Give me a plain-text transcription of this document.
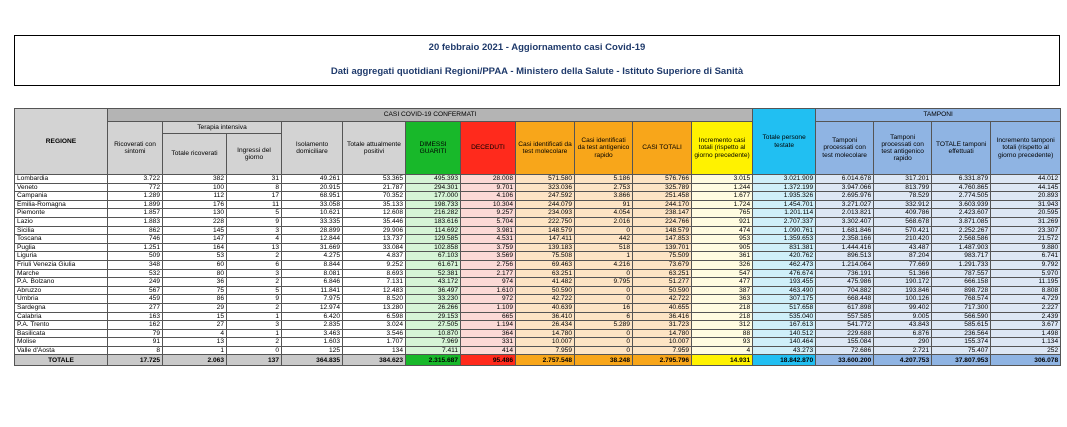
20 febbraio 2021 - Aggiornamento casi Covid-19
Dati aggregati quotidiani Regioni/PPAA - Ministero della Salute - Istituto Superiore di Sanità
REGIONE	CASI COVID-19 CONFERMATI											Totale persone testate	TAMPONI			
	Ricoverati con sintomi	Terapia intensiva		Isolamento domiciliare	Totale attualmente positivi	DIMESSI GUARITI	DECEDUTI	Casi identificati da test molecolare	Casi identificati da test antigenico rapido	CASI TOTALI	Incremento casi totali (rispetto al giorno precedente)		Tamponi processati con test molecolare	Tamponi processati con test antigenico rapido	TOTALE tamponi effettuati	Incremento tamponi totali (rispetto al giorno precedente)
		Totale ricoverati	Ingressi del giorno													
Lombardia	3.722	382	31	49.261	53.365	495.393	28.008	571.580	5.186	576.766	3.015	3.021.909	6.014.678	317.201	6.331.879	44.012
Veneto	772	100	8	20.915	21.787	294.301	9.701	323.036	2.753	325.789	1.244	1.372.199	3.947.066	813.799	4.760.865	44.145
Campania	1.289	112	17	68.951	70.352	177.000	4.106	247.592	3.866	251.458	1.677	1.935.326	2.695.976	78.529	2.774.505	20.893
Emilia-Romagna	1.899	176	11	33.058	35.133	198.733	10.304	244.079	91	244.170	1.724	1.454.701	3.271.027	332.912	3.603.939	31.943
Piemonte	1.857	130	5	10.621	12.608	216.282	9.257	234.093	4.054	238.147	765	1.201.114	2.013.821	409.786	2.423.607	20.595
Lazio	1.883	228	9	33.335	35.446	183.616	5.704	222.750	2.016	224.766	921	2.707.337	3.302.407	568.678	3.871.085	31.269
Sicilia	862	145	3	28.899	29.906	114.692	3.981	148.579	0	148.579	474	1.090.761	1.681.846	570.421	2.252.267	23.307
Toscana	746	147	4	12.844	13.737	129.585	4.531	147.411	442	147.853	953	1.359.653	2.358.166	210.420	2.568.586	21.572
Puglia	1.251	164	13	31.669	33.084	102.858	3.759	139.183	518	139.701	905	831.381	1.444.416	43.487	1.487.903	9.880
Liguria	509	53	2	4.275	4.837	67.103	3.569	75.508	1	75.509	361	420.762	896.513	87.204	983.717	6.741
Friuli Venezia Giulia	348	60	6	8.844	9.252	61.671	2.756	69.463	4.216	73.679	326	462.473	1.214.064	77.669	1.291.733	9.792
Marche	532	80	3	8.081	8.693	52.381	2.177	63.251	0	63.251	547	476.674	736.191	51.366	787.557	5.970
P.A. Bolzano	249	36	2	6.846	7.131	43.172	974	41.482	9.795	51.277	477	193.455	475.986	190.172	666.158	11.195
Abruzzo	567	75	5	11.841	12.483	36.497	1.610	50.590	0	50.590	387	463.490	704.882	193.846	898.728	8.808
Umbria	459	86	9	7.975	8.520	33.230	972	42.722	0	42.722	363	307.175	668.448	100.126	768.574	4.729
Sardegna	277	29	2	12.974	13.280	26.266	1.109	40.639	16	40.655	218	517.658	617.898	99.402	717.300	2.227
Calabria	163	15	1	6.420	6.598	29.153	665	36.410	6	36.416	218	535.040	557.585	9.005	566.590	2.439
P.A. Trento	162	27	3	2.835	3.024	27.505	1.194	26.434	5.289	31.723	312	167.613	541.772	43.843	585.615	3.677
Basilicata	79	4	1	3.463	3.546	10.870	364	14.780	0	14.780	88	140.512	229.688	6.876	236.564	1.498
Molise	91	13	2	1.603	1.707	7.969	331	10.007	0	10.007	93	140.464	155.084	290	155.374	1.134
Valle d'Aosta	8	1	0	125	134	7.411	414	7.959	0	7.959	4	43.273	72.686	2.721	75.407	252
TOTALE	17.725	2.063	137	364.835	384.623	2.315.687	95.486	2.757.548	38.248	2.795.796	14.931	18.842.870	33.600.200	4.207.753	37.807.953	306.078
